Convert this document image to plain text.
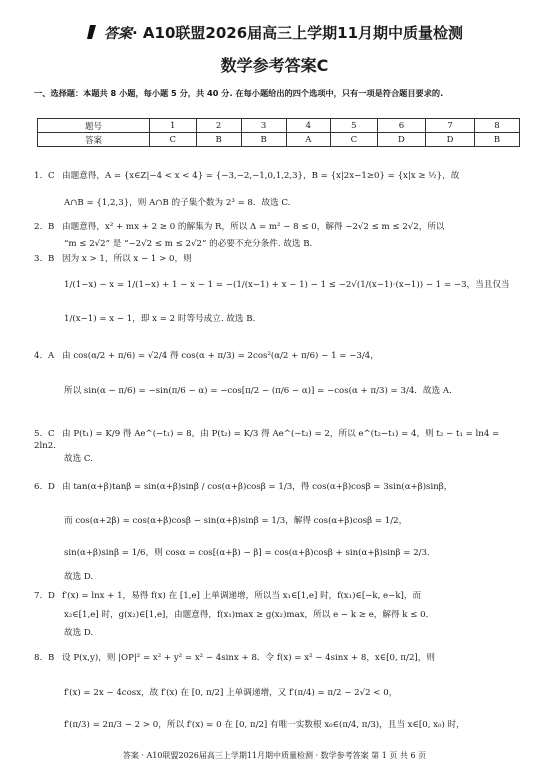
答案· A10联盟2026届高三上学期11月期中质量检测
数学参考答案C
一、选择题：本题共 8 小题，每小题 5 分，共 40 分. 在每小题给出的四个选项中，只有一项是符合题目要求的.
题号	1	2	3	4	5	6	7	8
答案	C	B	B	A	C	D	D	B
1. C 由题意得，A = {x∈Z|−4 < x < 4} = {−3,−2,−1,0,1,2,3}，B = {x|2x−1≥0} = {x|x ≥ ½}，故
A∩B = {1,2,3}，则 A∩B 的子集个数为 2³ = 8．故选 C.
2. B 由题意得，x² + mx + 2 ≥ 0 的解集为 R，所以 Δ = m² − 8 ≤ 0，解得 −2√2 ≤ m ≤ 2√2，所以
“m ≤ 2√2” 是 “−2√2 ≤ m ≤ 2√2” 的必要不充分条件. 故选 B.
3. B 因为 x > 1，所以 x − 1 > 0，则
1/(1−x) − x = 1/(1−x) + 1 − x − 1 = −(1/(x−1) + x − 1) − 1 ≤ −2√(1/(x−1)·(x−1)) − 1 = −3，当且仅当
1/(x−1) = x − 1，即 x = 2 时等号成立. 故选 B.
4. A 由 cos(α/2 + π/6) = √2/4 得 cos(α + π/3) = 2cos²(α/2 + π/6) − 1 = −3/4，
所以 sin(α − π/6) = −sin(π/6 − α) = −cos[π/2 − (π/6 − α)] = −cos(α + π/3) = 3/4．故选 A.
5. C 由 P(t₁) = K/9 得 Ae^(−t₁) = 8，由 P(t₂) = K/3 得 Ae^(−t₂) = 2，所以 e^(t₂−t₁) = 4，则 t₂ − t₁ = ln4 = 2ln2．
故选 C.
6. D 由 tan(α+β)tanβ = sin(α+β)sinβ / cos(α+β)cosβ = 1/3，得 cos(α+β)cosβ = 3sin(α+β)sinβ，
而 cos(α+2β) = cos(α+β)cosβ − sin(α+β)sinβ = 1/3，解得 cos(α+β)cosβ = 1/2，
sin(α+β)sinβ = 1/6，则 cosα = cos[(α+β) − β] = cos(α+β)cosβ + sin(α+β)sinβ = 2/3．
故选 D.
7. D f′(x) = lnx + 1，易得 f(x) 在 [1,e] 上单调递增，所以当 x₁∈[1,e] 时，f(x₁)∈[−k, e−k]，而
x₂∈[1,e] 时，g(x₂)∈[1,e]，由题意得，f(x₁)max ≥ g(x₂)max，所以 e − k ≥ e，解得 k ≤ 0．
故选 D.
8. B 设 P(x,y)，则 |OP|² = x² + y² = x² − 4sinx + 8．令 f(x) = x² − 4sinx + 8，x∈[0, π/2]，则
f′(x) = 2x − 4cosx，故 f′(x) 在 [0, π/2] 上单调递增，又 f′(π/4) = π/2 − 2√2 < 0，
f′(π/3) = 2π/3 − 2 > 0，所以 f′(x) = 0 在 [0, π/2] 有唯一实数根 x₀∈(π/4, π/3)，且当 x∈[0, x₀) 时，
答案 · A10联盟2026届高三上学期11月期中质量检测 · 数学参考答案 第 1 页 共 6 页
